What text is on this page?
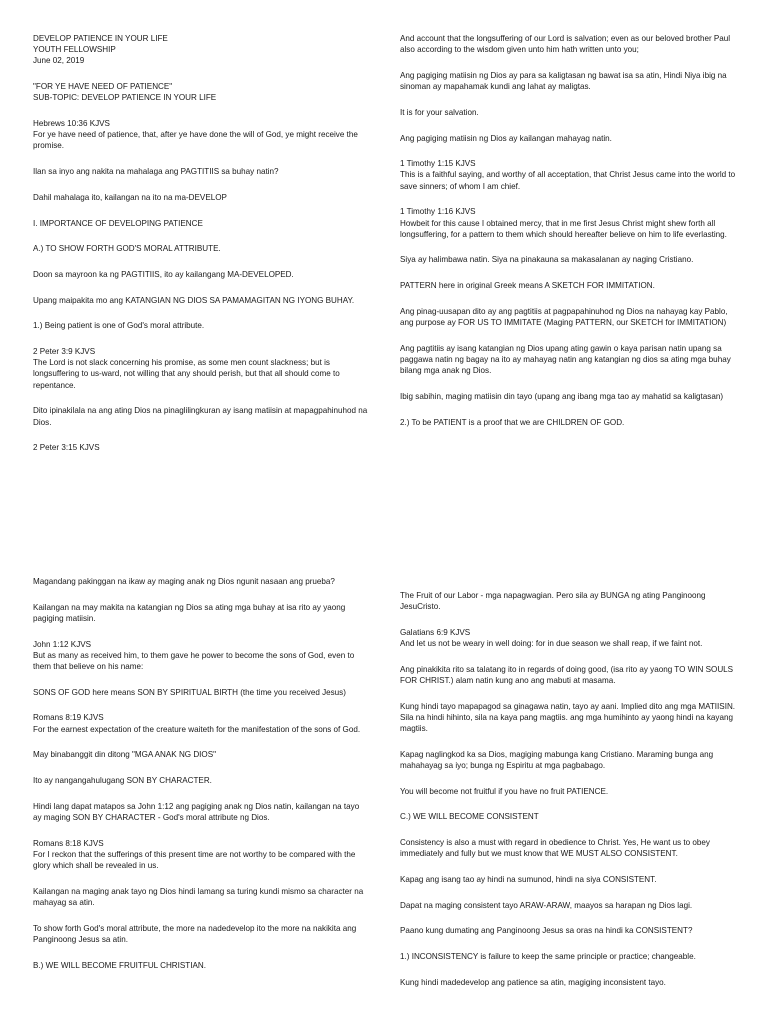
DEVELOP PATIENCE IN YOUR LIFE
YOUTH FELLOWSHIP
June 02, 2019

"FOR YE HAVE NEED OF PATIENCE"
SUB-TOPIC: DEVELOP PATIENCE IN YOUR LIFE

Hebrews 10:36 KJVS
For ye have need of patience, that, after ye have done the will of God, ye might receive the promise.

Ilan sa inyo ang nakita na mahalaga ang PAGTITIIS sa buhay natin?

Dahil mahalaga ito, kailangan na ito na ma-DEVELOP

I. IMPORTANCE OF DEVELOPING PATIENCE

A.) TO SHOW FORTH GOD'S MORAL ATTRIBUTE.

Doon sa mayroon ka ng PAGTITIIS, ito ay kailangang MA-DEVELOPED.

Upang maipakita mo ang KATANGIAN NG DIOS SA PAMAMAGITAN NG IYONG BUHAY.

1.) Being patient is one of God's moral attribute.

2 Peter 3:9 KJVS
The Lord is not slack concerning his promise, as some men count slackness; but is longsuffering to us-ward, not willing that any should perish, but that all should come to repentance.

Dito ipinakilala na ang ating Dios na pinaglilingkuran ay isang matiisin at mapagpahinuhod na Dios.

2 Peter 3:15 KJVS

And account that the longsuffering of our Lord is salvation; even as our beloved brother Paul also according to the wisdom given unto him hath written unto you;

Ang pagiging matiisin ng Dios ay para sa kaligtasan ng bawat isa sa atin, Hindi Niya ibig na sinoman ay mapahamak kundi ang lahat ay maligtas.

It is for your salvation.

Ang pagiging matiisin ng Dios ay kailangan mahayag natin.

1 Timothy 1:15 KJVS
This is a faithful saying, and worthy of all acceptation, that Christ Jesus came into the world to save sinners; of whom I am chief.

1 Timothy 1:16 KJVS
Howbeit for this cause I obtained mercy, that in me first Jesus Christ might shew forth all longsuffering, for a pattern to them which should hereafter believe on him to life everlasting.

Siya ay halimbawa natin. Siya na pinakauna sa makasalanan ay naging Cristiano.

PATTERN here in original Greek means A SKETCH FOR IMMITATION.

Ang pinag-uusapan dito ay ang pagtitiis at pagpapahinuhod ng Dios na nahayag kay Pablo, ang purpose ay FOR US TO IMMITATE (Maging PATTERN, our SKETCH for IMMITATION)

Ang pagtitiis ay isang katangian ng Dios upang ating gawin o kaya parisan natin upang sa paggawa natin ng bagay na ito ay mahayag natin ang katangian ng dios sa ating mga buhay bilang mga anak ng Dios.

Ibig sabihin, maging matiisin din tayo (upang ang ibang mga tao ay mahatid sa kaligtasan)

2.) To be PATIENT is a proof that we are CHILDREN OF GOD.

Magandang pakinggan na ikaw ay maging anak ng Dios ngunit nasaan ang prueba?

Kailangan na may makita na katangian ng Dios sa ating mga buhay at isa rito ay yaong pagiging matiisin.

John 1:12 KJVS
But as many as received him, to them gave he power to become the sons of God, even to them that believe on his name:

SONS OF GOD here means SON BY SPIRITUAL BIRTH (the time you received Jesus)

Romans 8:19 KJVS
For the earnest expectation of the creature waiteth for the manifestation of the sons of God.

May binabanggit din ditong "MGA ANAK NG DIOS"

Ito ay nangangahulugang SON BY CHARACTER.

Hindi lang dapat matapos sa John 1:12 ang pagiging anak ng Dios natin, kailangan na tayo ay maging SON BY CHARACTER - God's moral attribute ng Dios.

Romans 8:18 KJVS
For I reckon that the sufferings of this present time are not worthy to be compared with the glory which shall be revealed in us.

Kailangan na maging anak tayo ng Dios hindi lamang sa turing kundi mismo sa character na mahayag sa atin.

To show forth God's moral attribute, the more na nadedevelop ito the more na nakikita ang Panginoong Jesus sa atin.

B.) WE WILL BECOME FRUITFUL CHRISTIAN.

The Fruit of our Labor - mga napagwagian. Pero sila ay BUNGA ng ating Panginoong JesuCristo.

Galatians 6:9 KJVS
And let us not be weary in well doing: for in due season we shall reap, if we faint not.

Ang pinakikita rito sa talatang ito in regards of doing good, (isa rito ay yaong TO WIN SOULS FOR CHRIST.) alam natin kung ano ang mabuti at masama.

Kung hindi tayo mapapagod sa ginagawa natin, tayo ay aani. Implied dito ang mga MATIISIN. Sila na hindi hihinto, sila na kaya pang magtiis. ang mga humihinto ay yaong hindi na kayang magtiis.

Kapag naglingkod ka sa Dios, magiging mabunga kang Cristiano. Maraming bunga ang mahahayag sa iyo; bunga ng Espiritu at mga pagbabago.

You will become not fruitful if you have no fruit PATIENCE.

C.) WE WILL BECOME CONSISTENT

Consistency is also a must with regard in obedience to Christ. Yes, He want us to obey immediately and fully but we must know that WE MUST ALSO CONSISTENT.

Kapag ang isang tao ay hindi na sumunod, hindi na siya CONSISTENT.

Dapat na maging consistent tayo ARAW-ARAW, maayos sa harapan ng Dios lagi.

Paano kung dumating ang Panginoong Jesus sa oras na hindi ka CONSISTENT?

1.) INCONSISTENCY is failure to keep the same principle or practice; changeable.

Kung hindi madedevelop ang patience sa atin, magiging inconsistent tayo.
